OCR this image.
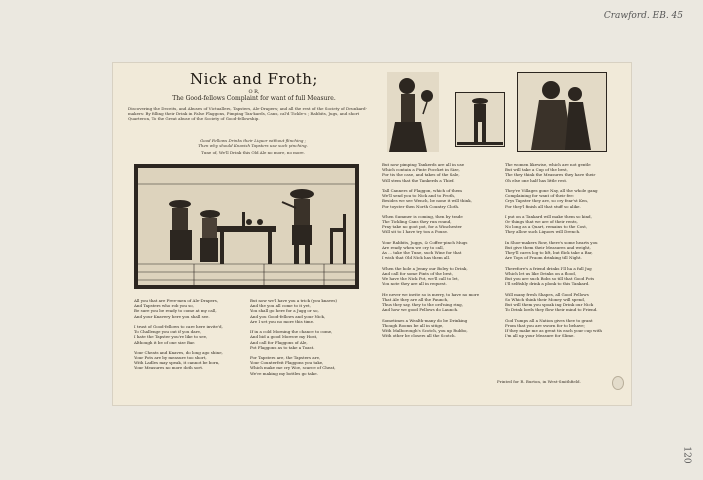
Crawford. EB. 45
120
Nick and Froth;
O R,
The Good-fellows Complaint for want of full Measure.
Discovering the Deceits, and Abuses of Victuallers, Tapsters, Ale-Drapers; and all the rest of the Society of Drunkard-makers: By filling their Drink in False Flaggons, Pimping Tan-kards, Cans, cal'd Tickle-s ; Rabbits, Jugs, and short Quarteron, To the Great abuse of the Society of Good-fellowship.
Good Fellows Drinks their Liquor without flinching ;
Then why should Knavish Tapsters use such pinching.
Tune of, We'll Drink this Old Ale no more, no more.
All you that are Free-men of Ale-Drapers,
And Tapsters who rob you so,
Be sure you be ready to come at my call,
And your Knavery here you shall see.

I trust of Good-fellows to care here invite'd,
To Challenge you out if you dare,
I hate the Tapster you're like to see,
Although it be of one size Bar.

Your Cheats and Knaves, do long ago shine,
Your Pots are by measure too short,
With Ladles may speak, it cannot be born,
Your Measures no more doth sort.
But now we'l have you a trick (you knaves)
And the you all come to it yet,
You shall go here for a Jugg or so,
And you Good-fellows and your Nick,
Are I set you no more this time.

If in a cold Morning the chance to come,
And bid a good Morrow my Host,
And call for Flaggons of Ale,
Pot Flaggons as to take a Toast.

For Tapsters are, the Tapsters are,
Your Counterfeit Flaggons you take,
Which make me cry Woe, scarce of Cheat,
We're making my bottles go take.
But now pimping Tankerds are all in use
Which contain a Pinte Poccket in Size,
For tis the case, and takes of the Sale,
Will stem that the Tankerds a Thief.

Tall Canners of Flaggon, which of them
We'll send you to Nick and to Froth,
Besides we see Wench, be none it will think,
For toyster then North Country Cloth.

When Summer is coming, then by trade
The Tickling Cans they run round,
Pray take no goot pot, for a Winchester
Will sit to I have try ton a Pouse.

Your Rabbits, Juggs, & Coffee-pinch Mugs
Are ready when we cry to call,
As ... take the Tune, such Wine for that
I wish that Old Nick has them all.

When the hole a Jenny our Boley to Drink,
And call for some Pints of the best,
We have the Nick Pot, we'll call to let,
You note they are all in request.

He never we invite so is merry, to have no more
That Ale they are all the Paunch,
Thus they say, they to the ord'ning ring,
And how we good Fellows do Launch.

Sometimes a Wealth-many do be Drinking
Though Rooms be all in sitige,
With Malborough's Scotch, you up Rubbo,
With other be closers all the Scotch.
The women likewise, which are not gentle
But will take a Cup of the best,
The they think the Measures they have their
Oh else one half has little rest.

They're Villages gone Nay, all the whole gang
Complaining for want of their fee:
Crys Tapster they are, so cry fear'st Ken,
For they'l finish all that stuff so alike.

I put on a Tankard will make them so kind,
Or things that we are of their rents,
No long as a Quart, remains to the Cost,
They allow such Liquors will Drench.

In Shoe-makers Row, there's some hearts you
But give them their Measures and weight,
They'll cares log to lift, but flick take a Bar,
Are Tops of Fraom drinking till Night.

Therefore's a friend drinks I'll ha a full Jug
Which let us like Drinks on a flood,
But you are such Bobs so till that Good Pots
I'll selfishly drink a plonk to this Tankard.

Will many fresh Shapes, all Good Fellows
So Which think their Money will spend,
But will them you spoak ing Drink our Nick
To Drink lords they flow their mind to Friend.

God Tumps all a Nation gives thee to grant
From that you are sworn for to behave;
If they make me as great tis each your cup with
I'm all up your Measure for Slime.
Printed for R. Burton, in West-Smithfield.
